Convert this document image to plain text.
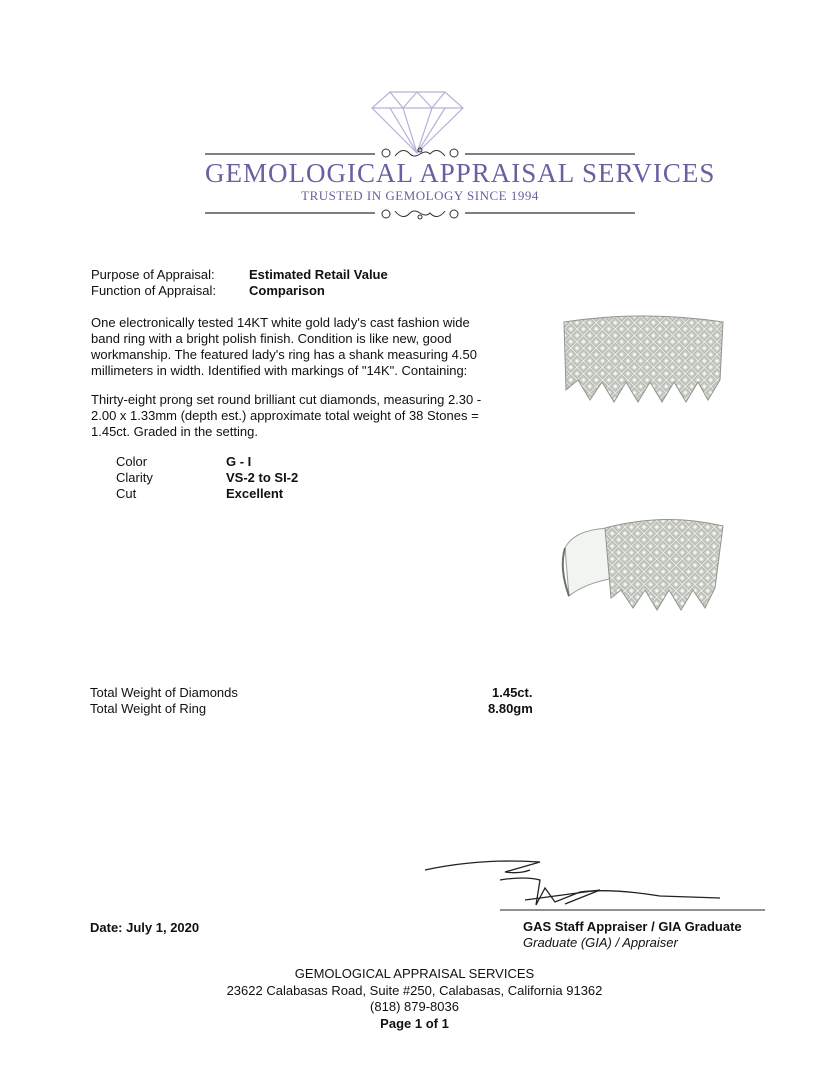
GEMOLOGICAL APPRAISAL SERVICES
TRUSTED IN GEMOLOGY SINCE 1994
Purpose of Appraisal:	Estimated Retail Value
Function of Appraisal:	Comparison
One electronically tested 14KT white gold lady's cast fashion wide band ring with a bright polish finish. Condition is like new, good workmanship. The featured lady's ring has a shank measuring 4.50 millimeters in width. Identified with markings of "14K". Containing:
Thirty-eight prong set round brilliant cut diamonds, measuring 2.30 - 2.00 x 1.33mm (depth est.) approximate total weight of 38 Stones = 1.45ct. Graded in the setting.
Color	G - I
Clarity	VS-2 to SI-2
Cut	Excellent
Total Weight of Diamonds	1.45ct.
Total Weight of Ring	8.80gm
GAS Staff Appraiser / GIA Graduate
Graduate (GIA) / Appraiser
Date: July 1, 2020
GEMOLOGICAL APPRAISAL SERVICES
23622 Calabasas Road, Suite #250, Calabasas, California 91362
(818) 879-8036
Page 1 of 1
